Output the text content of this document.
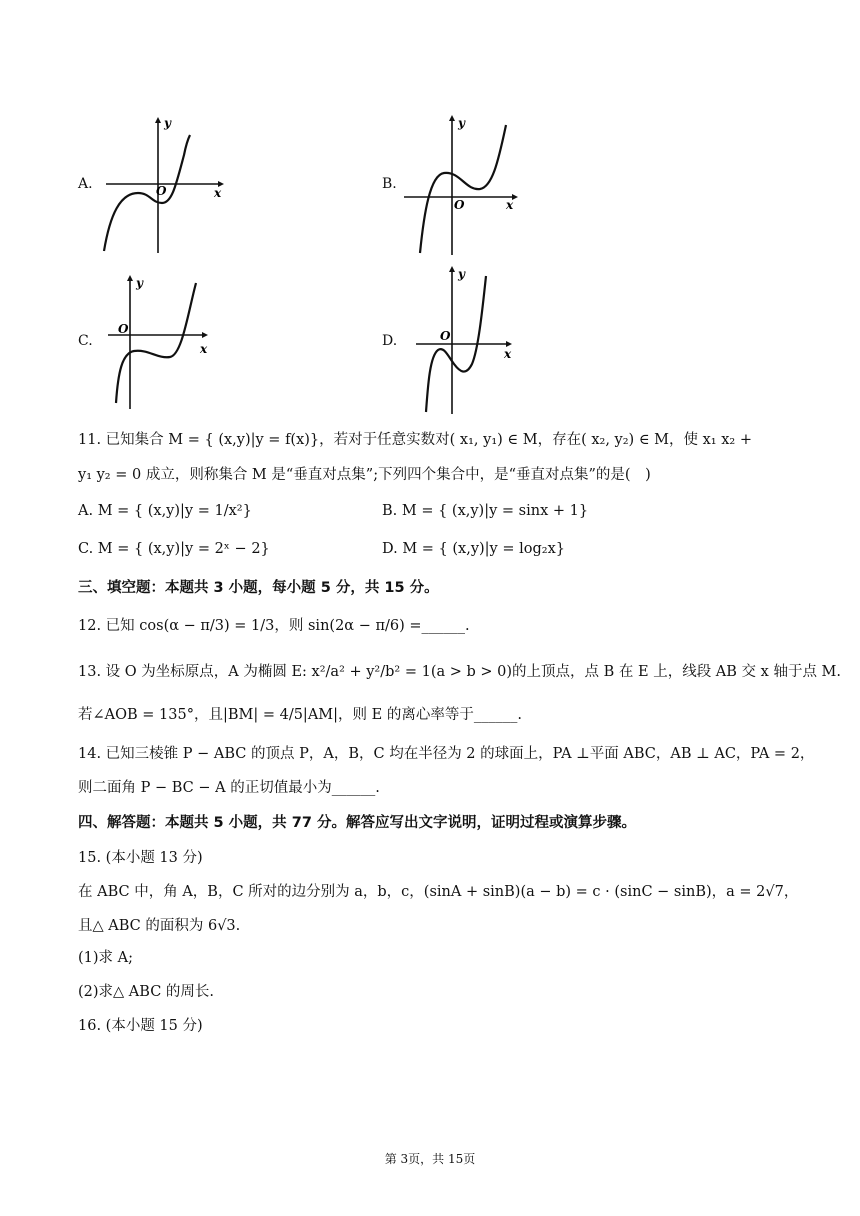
A.
y
O	x
B.
y
O	x
C.
y
O
x	D.
y
O
x
11. 已知集合 M = { (x,y)|y = f(x)}，若对于任意实数对( x₁, y₁) ∈ M，存在( x₂, y₂) ∈ M，使 x₁ x₂ +
y₁ y₂ = 0 成立，则称集合 M 是“垂直对点集”;下列四个集合中，是“垂直对点集”的是(　)
A. M = { (x,y)|y = 1/x²}	B. M = { (x,y)|y = sinx + 1}
C. M = { (x,y)|y = 2ˣ − 2}	D. M = { (x,y)|y = log₂x}
三、填空题：本题共 3 小题，每小题 5 分，共 15 分。
12. 已知 cos(α − π/3) = 1/3，则 sin(2α − π/6) =______.
13. 设 O 为坐标原点，A 为椭圆 E: x²/a² + y²/b² = 1(a > b > 0)的上顶点，点 B 在 E 上，线段 AB 交 x 轴于点 M.
若∠AOB = 135°，且|BM| = 4/5|AM|，则 E 的离心率等于______.
14. 已知三棱锥 P − ABC 的顶点 P，A，B，C 均在半径为 2 的球面上，PA ⊥平面 ABC，AB ⊥ AC，PA = 2，
则二面角 P − BC − A 的正切值最小为______.
四、解答题：本题共 5 小题，共 77 分。解答应写出文字说明，证明过程或演算步骤。
15. (本小题 13 分)
在 ABC 中，角 A，B，C 所对的边分别为 a，b，c，(sinA + sinB)(a − b) = c · (sinC − sinB)，a = 2√7，
且△ ABC 的面积为 6√3.
(1)求 A;
(2)求△ ABC 的周长.
16. (本小题 15 分)
第 3页，共 15页
